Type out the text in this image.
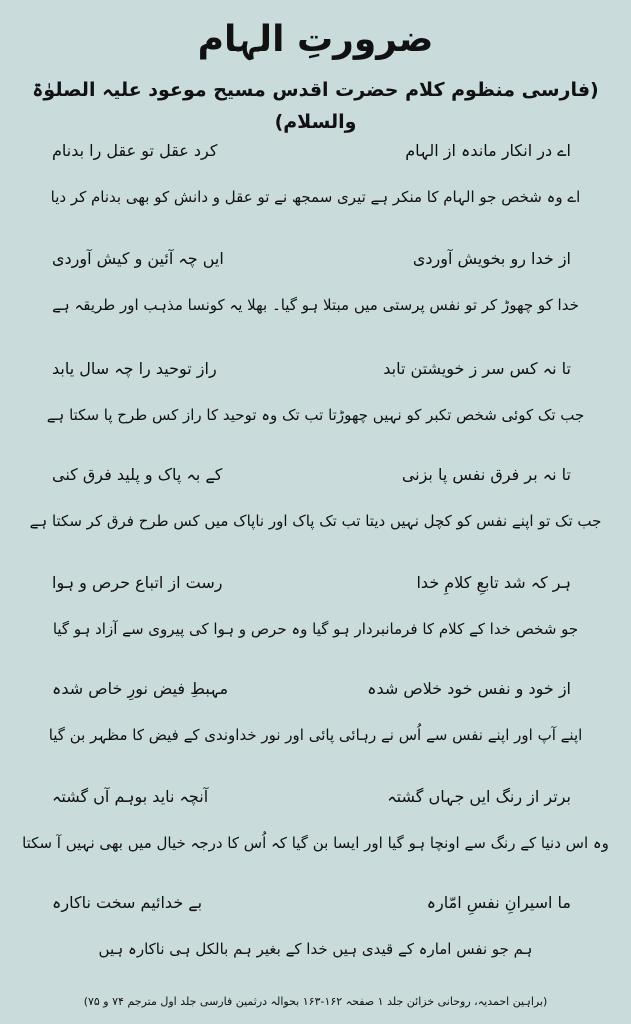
ضرورتِ الہام
(فارسی منظوم کلام حضرت اقدس مسیح موعود علیہ الصلوٰۃ والسلام)
اے در انکار ماندہ از الہام
کرد عقل تو عقل را بدنام
اے وہ شخص جو الہام کا منکر ہے تیری سمجھ نے تو عقل و دانش کو بھی بدنام کر دیا
از خدا رو بخویش آوردی
ایں چہ آئین و کیش آوردی
خدا کو چھوڑ کر تو نفس پرستی میں مبتلا ہو گیا۔ بھلا یہ کونسا مذہب اور طریقہ ہے
تا نہ کس سر ز خویشتن تابد
راز توحید را چہ سال یابد
جب تک کوئی شخص تکبر کو نہیں چھوڑتا تب تک وہ توحید کا راز کس طرح پا سکتا ہے
تا نہ بر فرق نفس پا بزنی
کے بہ پاک و پلید فرق کنی
جب تک تو اپنے نفس کو کچل نہیں دیتا تب تک پاک اور ناپاک میں کس طرح فرق کر سکتا ہے
ہر کہ شد تابعِ کلامِ خدا
رست از اتباع حرص و ہوا
جو شخص خدا کے کلام کا فرمانبردار ہو گیا وہ حرص و ہوا کی پیروی سے آزاد ہو گیا
از خود و نفس خود خلاص شدہ
مہبطِ فیض نورِ خاص شدہ
اپنے آپ اور اپنے نفس سے اُس نے رہائی پائی اور نور خداوندی کے فیض کا مظہر بن گیا
برتر از رنگ ایں جہاں گشتہ
آنچہ ناید بوہم آں گشتہ
وہ اس دنیا کے رنگ سے اونچا ہو گیا اور ایسا بن گیا کہ اُس کا درجہ خیال میں بھی نہیں آ سکتا
ما اسیرانِ نفسِ امّارہ
بے خدائیم سخت ناکارہ
ہم جو نفس امارہ کے قیدی ہیں خدا کے بغیر ہم بالکل ہی ناکارہ ہیں
(براہین احمدیہ، روحانی خزائن جلد ۱ صفحہ ۱۶۲-۱۶۳ بحوالہ درثمین فارسی جلد اول مترجم ۷۴ و ۷۵)
